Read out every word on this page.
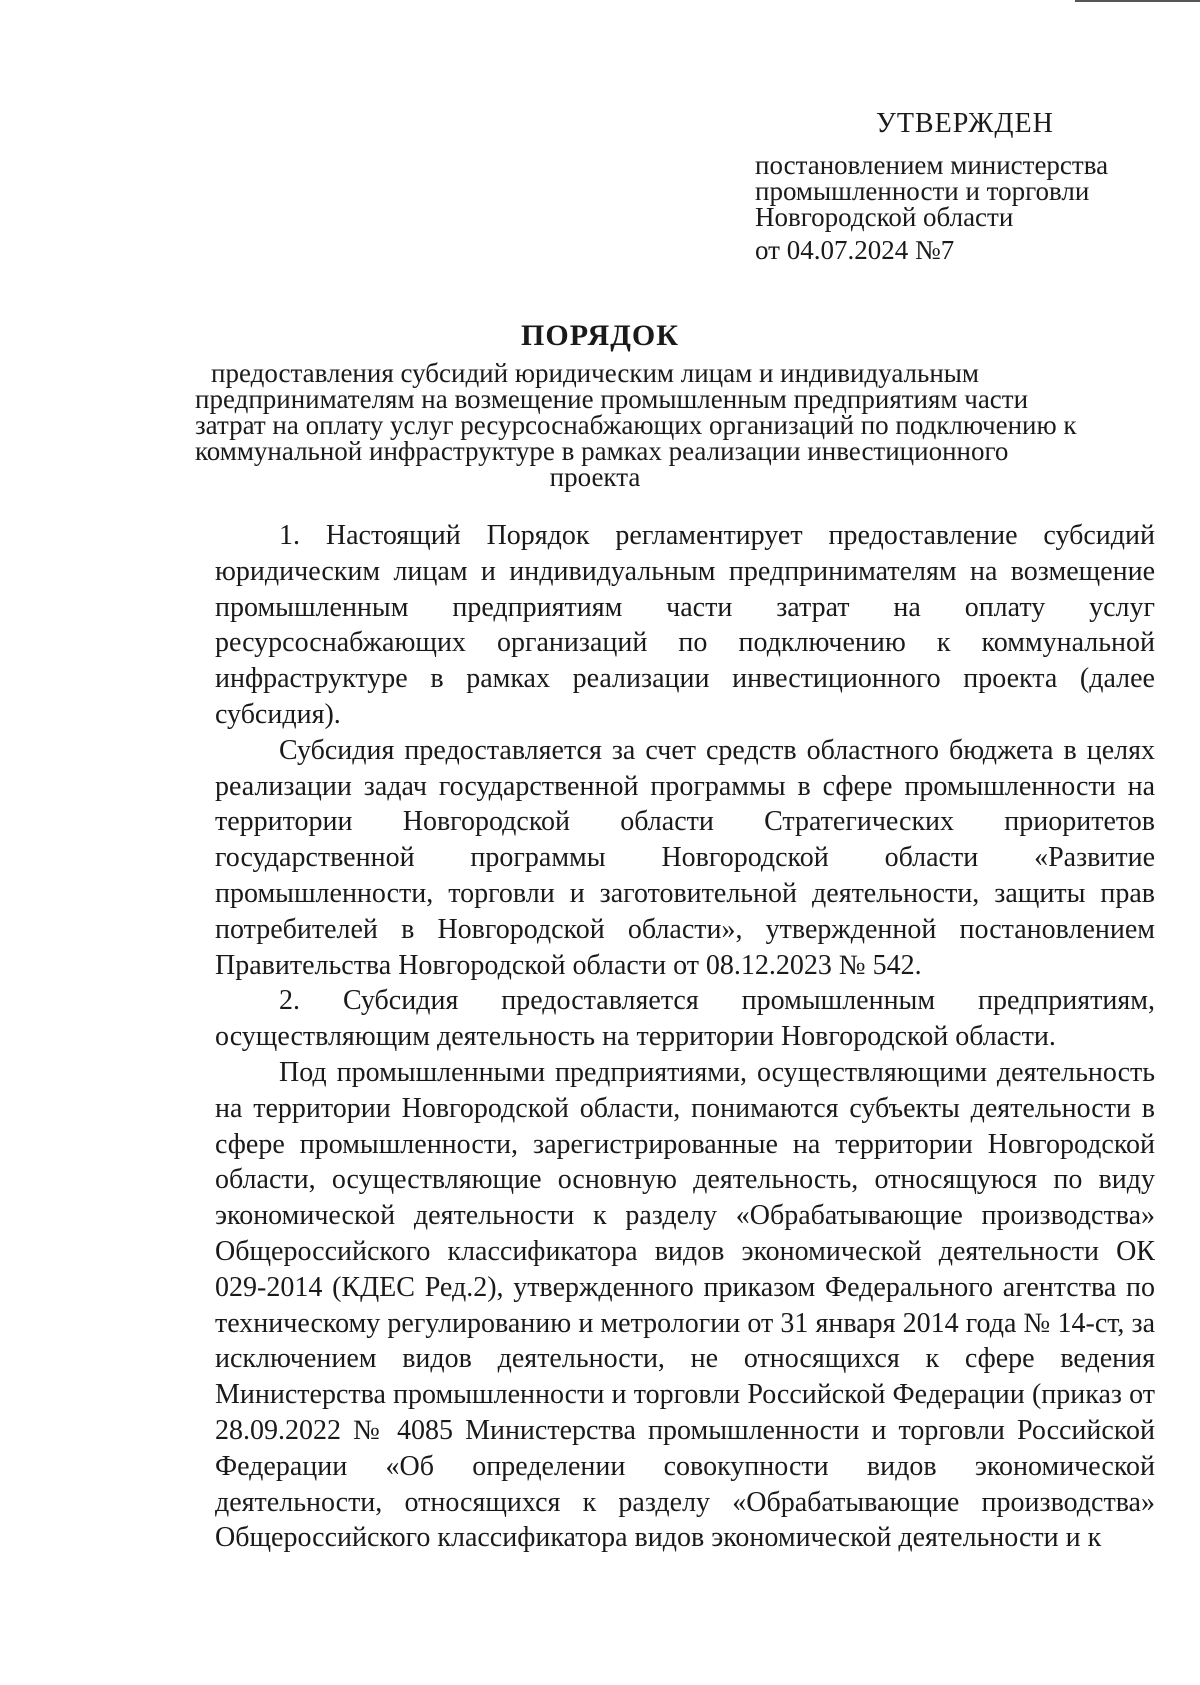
УТВЕРЖДЕН
постановлением министерства
промышленности и торговли
Новгородской области
от 04.07.2024 №7
ПОРЯДОК
предоставления субсидий юридическим лицам и индивидуальным
предпринимателям на возмещение промышленным предприятиям части
затрат на оплату услуг ресурсоснабжающих организаций по подключению к
коммунальной инфраструктуре в рамках реализации инвестиционного
проекта

1. Настоящий Порядок регламентирует предоставление субсидий юридическим лицам и индивидуальным предпринимателям на возмещение промышленным предприятиям части затрат на оплату услуг ресурсоснабжающих организаций по подключению к коммунальной инфраструктуре в рамках реализации инвестиционного проекта (далее субсидия).

Субсидия предоставляется за счет средств областного бюджета в целях реализации задач государственной программы в сфере промышленности на территории Новгородской области Стратегических приоритетов государственной программы Новгородской области «Развитие промышленности, торговли и заготовительной деятельности, защиты прав потребителей в Новгородской области», утвержденной постановлением Правительства Новгородской области от 08.12.2023 № 542.

2. Субсидия предоставляется промышленным предприятиям, осуществляющим деятельность на территории Новгородской области.

Под промышленными предприятиями, осуществляющими деятельность на территории Новгородской области, понимаются субъекты деятельности в сфере промышленности, зарегистрированные на территории Новгородской области, осуществляющие основную деятельность, относящуюся по виду экономической деятельности к разделу «Обрабатывающие производства» Общероссийского классификатора видов экономической деятельности ОК 029-2014 (КДЕС Ред.2), утвержденного приказом Федерального агентства по техническому регулированию и метрологии от 31 января 2014 года № 14-ст, за исключением видов деятельности, не относящихся к сфере ведения Министерства промышленности и торговли Российской Федерации (приказ от 28.09.2022 № 4085 Министерства промышленности и торговли Российской Федерации «Об определении совокупности видов экономической деятельности, относящихся к разделу «Обрабатывающие производства» Общероссийского классификатора видов экономической деятельности и к
